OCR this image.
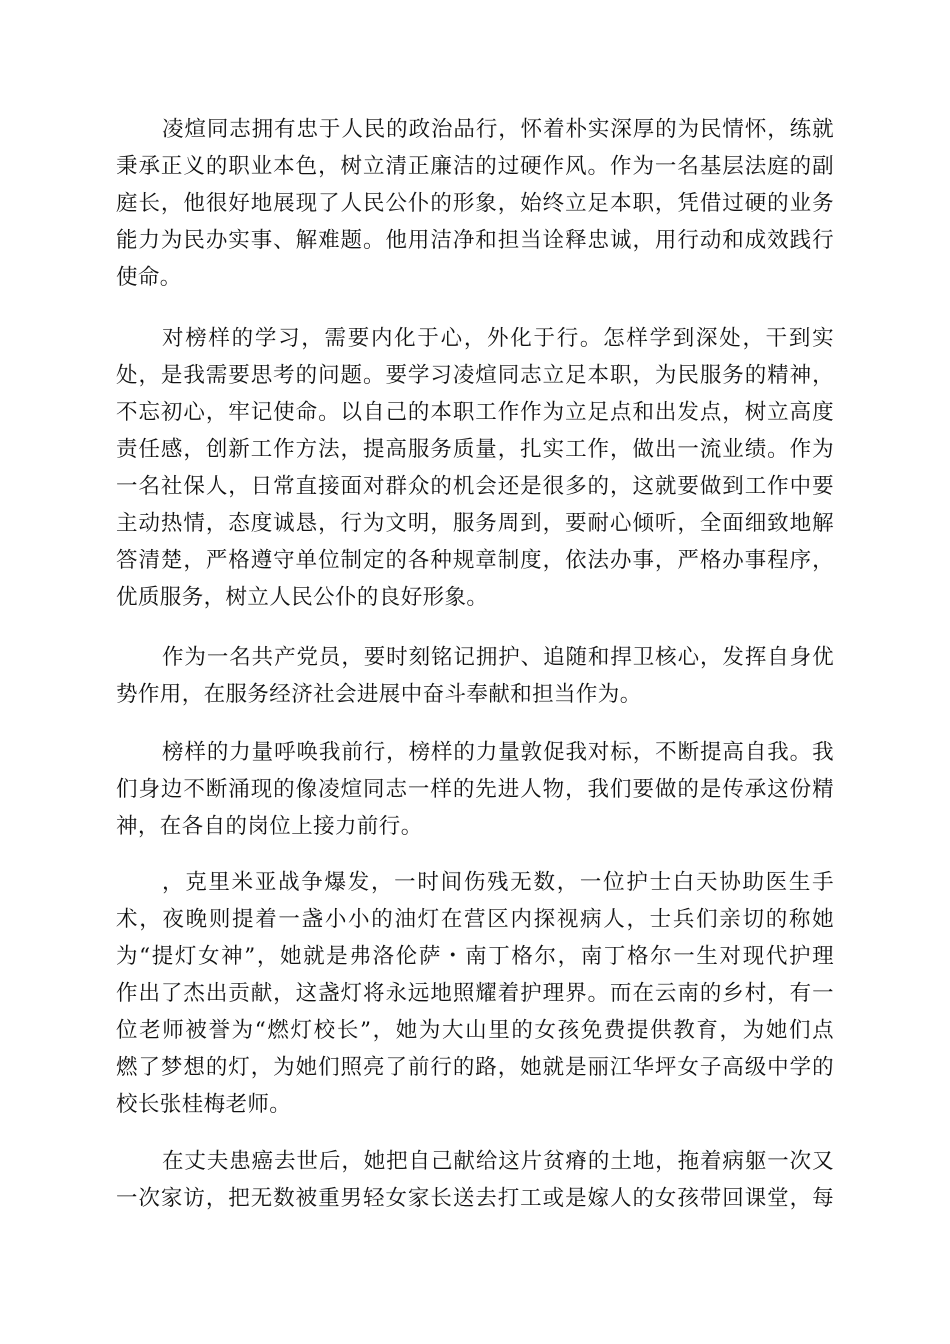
凌煊同志拥有忠于人民的政治品行，怀着朴实深厚的为民情怀，练就
秉承正义的职业本色，树立清正廉洁的过硬作风。作为一名基层法庭的副
庭长，他很好地展现了人民公仆的形象，始终立足本职，凭借过硬的业务
能力为民办实事、解难题。他用洁净和担当诠释忠诚，用行动和成效践行
使命。
对榜样的学习，需要内化于心，外化于行。怎样学到深处，干到实
处，是我需要思考的问题。要学习凌煊同志立足本职，为民服务的精神，
不忘初心，牢记使命。以自己的本职工作作为立足点和出发点，树立高度
责任感，创新工作方法，提高服务质量，扎实工作，做出一流业绩。作为
一名社保人，日常直接面对群众的机会还是很多的，这就要做到工作中要
主动热情，态度诚恳，行为文明，服务周到，要耐心倾听，全面细致地解
答清楚，严格遵守单位制定的各种规章制度，依法办事，严格办事程序，
优质服务，树立人民公仆的良好形象。
作为一名共产党员，要时刻铭记拥护、追随和捍卫核心，发挥自身优
势作用，在服务经济社会进展中奋斗奉献和担当作为。
榜样的力量呼唤我前行，榜样的力量敦促我对标，不断提高自我。我
们身边不断涌现的像凌煊同志一样的先进人物，我们要做的是传承这份精
神，在各自的岗位上接力前行。
，克里米亚战争爆发，一时间伤残无数，一位护士白天协助医生手
术，夜晚则提着一盏小小的油灯在营区内探视病人，士兵们亲切的称她
为“提灯女神”，她就是弗洛伦萨・南丁格尔，南丁格尔一生对现代护理
作出了杰出贡献，这盏灯将永远地照耀着护理界。而在云南的乡村，有一
位老师被誉为“燃灯校长”，她为大山里的女孩免费提供教育，为她们点
燃了梦想的灯，为她们照亮了前行的路，她就是丽江华坪女子高级中学的
校长张桂梅老师。
在丈夫患癌去世后，她把自己献给这片贫瘠的土地，拖着病躯一次又
一次家访，把无数被重男轻女家长送去打工或是嫁人的女孩带回课堂，每
